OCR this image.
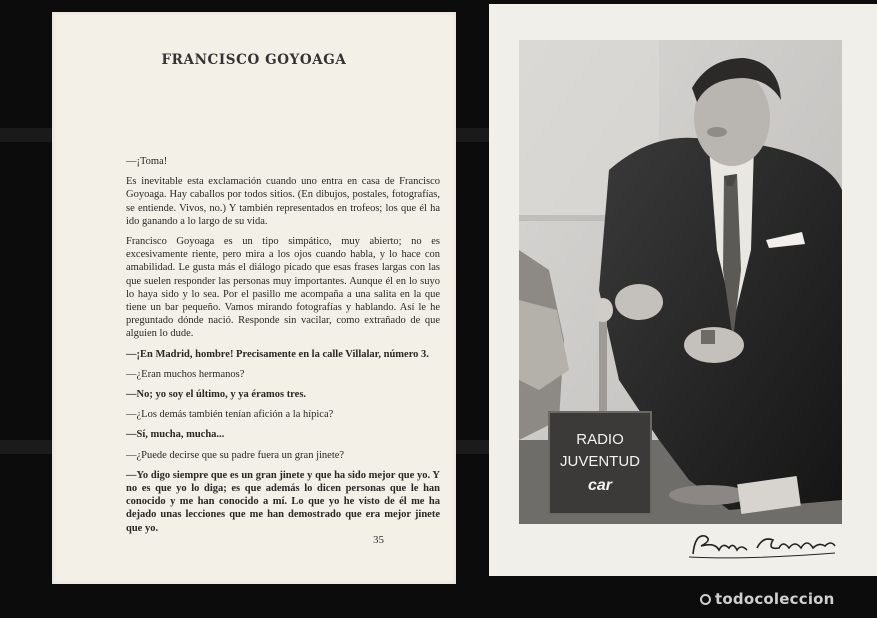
FRANCISCO GOYOAGA

—¡Toma!

Es inevitable esta exclamación cuando uno entra en casa de Francisco Goyoaga. Hay caballos por todos sitios. (En dibujos, postales, fotografías, se entiende. Vivos, no.) Y también representados en trofeos; los que él ha ido ganando a lo largo de su vida.

Francisco Goyoaga es un tipo simpático, muy abierto; no es excesivamente riente, pero mira a los ojos cuando habla, y lo hace con amabilidad. Le gusta más el diálogo picado que esas frases largas con las que suelen responder las personas muy importantes. Aunque él en lo suyo lo haya sido y lo sea. Por el pasillo me acompaña a una salita en la que tiene un bar pequeño. Vamos mirando fotografías y hablando. Así le he preguntado dónde nació. Responde sin vacilar, como extrañado de que alguien lo dude.

—¡En Madrid, hombre! Precisamente en la calle Villalar, número 3.

—¿Eran muchos hermanos?

—No; yo soy el último, y ya éramos tres.

—¿Los demás también tenían afición a la hípica?

—Sí, mucha, mucha...

—¿Puede decirse que su padre fuera un gran jinete?

—Yo digo siempre que es un gran jinete y que ha sido mejor que yo. Y no es que yo lo diga; es que además lo dicen personas que le han conocido y me han conocido a mí. Lo que yo he visto de él me ha dejado unas lecciones que me han demostrado que era mejor jinete que yo.

35
RADIO
JUVENTUD
car
todocoleccion
